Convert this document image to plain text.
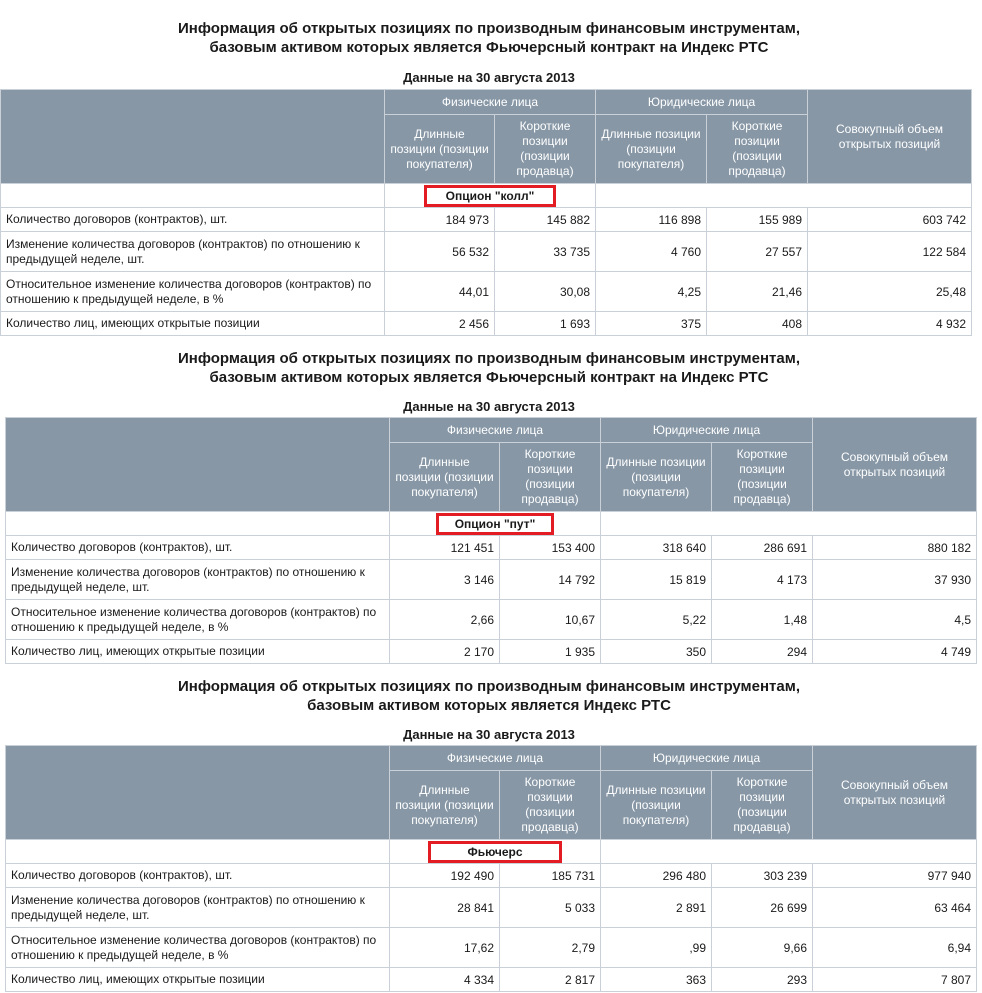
Информация об открытых позициях по производным финансовым инструментам,
базовым активом которых является Фьючерсный контракт на Индекс РТС
Данные на 30 августа 2013
	Физические лица		Юридические лица		Совокупный объем открытых позиций
	Длинные позиции (позиции покупателя)	Короткие позиции (позиции продавца)	Длинные позиции (позиции покупателя)	Короткие позиции (позиции продавца)	
	Опцион "колл"				
Количество договоров (контрактов), шт.	184 973	145 882	116 898	155 989	603 742
Изменение количества договоров (контрактов) по отношению к предыдущей неделе, шт.	56 532	33 735	4 760	27 557	122 584
Относительное изменение количества договоров (контрактов) по отношению к предыдущей неделе, в %	44,01	30,08	4,25	21,46	25,48
Количество лиц, имеющих открытые позиции	2 456	1 693	375	408	4 932
Информация об открытых позициях по производным финансовым инструментам,
базовым активом которых является Фьючерсный контракт на Индекс РТС
Данные на 30 августа 2013
	Физические лица		Юридические лица		Совокупный объем открытых позиций
	Длинные позиции (позиции покупателя)	Короткие позиции (позиции продавца)	Длинные позиции (позиции покупателя)	Короткие позиции (позиции продавца)	
	Опцион "пут"				
Количество договоров (контрактов), шт.	121 451	153 400	318 640	286 691	880 182
Изменение количества договоров (контрактов) по отношению к предыдущей неделе, шт.	3 146	14 792	15 819	4 173	37 930
Относительное изменение количества договоров (контрактов) по отношению к предыдущей неделе, в %	2,66	10,67	5,22	1,48	4,5
Количество лиц, имеющих открытые позиции	2 170	1 935	350	294	4 749
Информация об открытых позициях по производным финансовым инструментам,
базовым активом которых является Индекс РТС
Данные на 30 августа 2013
	Физические лица		Юридические лица		Совокупный объем открытых позиций
	Длинные позиции (позиции покупателя)	Короткие позиции (позиции продавца)	Длинные позиции (позиции покупателя)	Короткие позиции (позиции продавца)	
	Фьючерс				
Количество договоров (контрактов), шт.	192 490	185 731	296 480	303 239	977 940
Изменение количества договоров (контрактов) по отношению к предыдущей неделе, шт.	28 841	5 033	2 891	26 699	63 464
Относительное изменение количества договоров (контрактов) по отношению к предыдущей неделе, в %	17,62	2,79	,99	9,66	6,94
Количество лиц, имеющих открытые позиции	4 334	2 817	363	293	7 807
